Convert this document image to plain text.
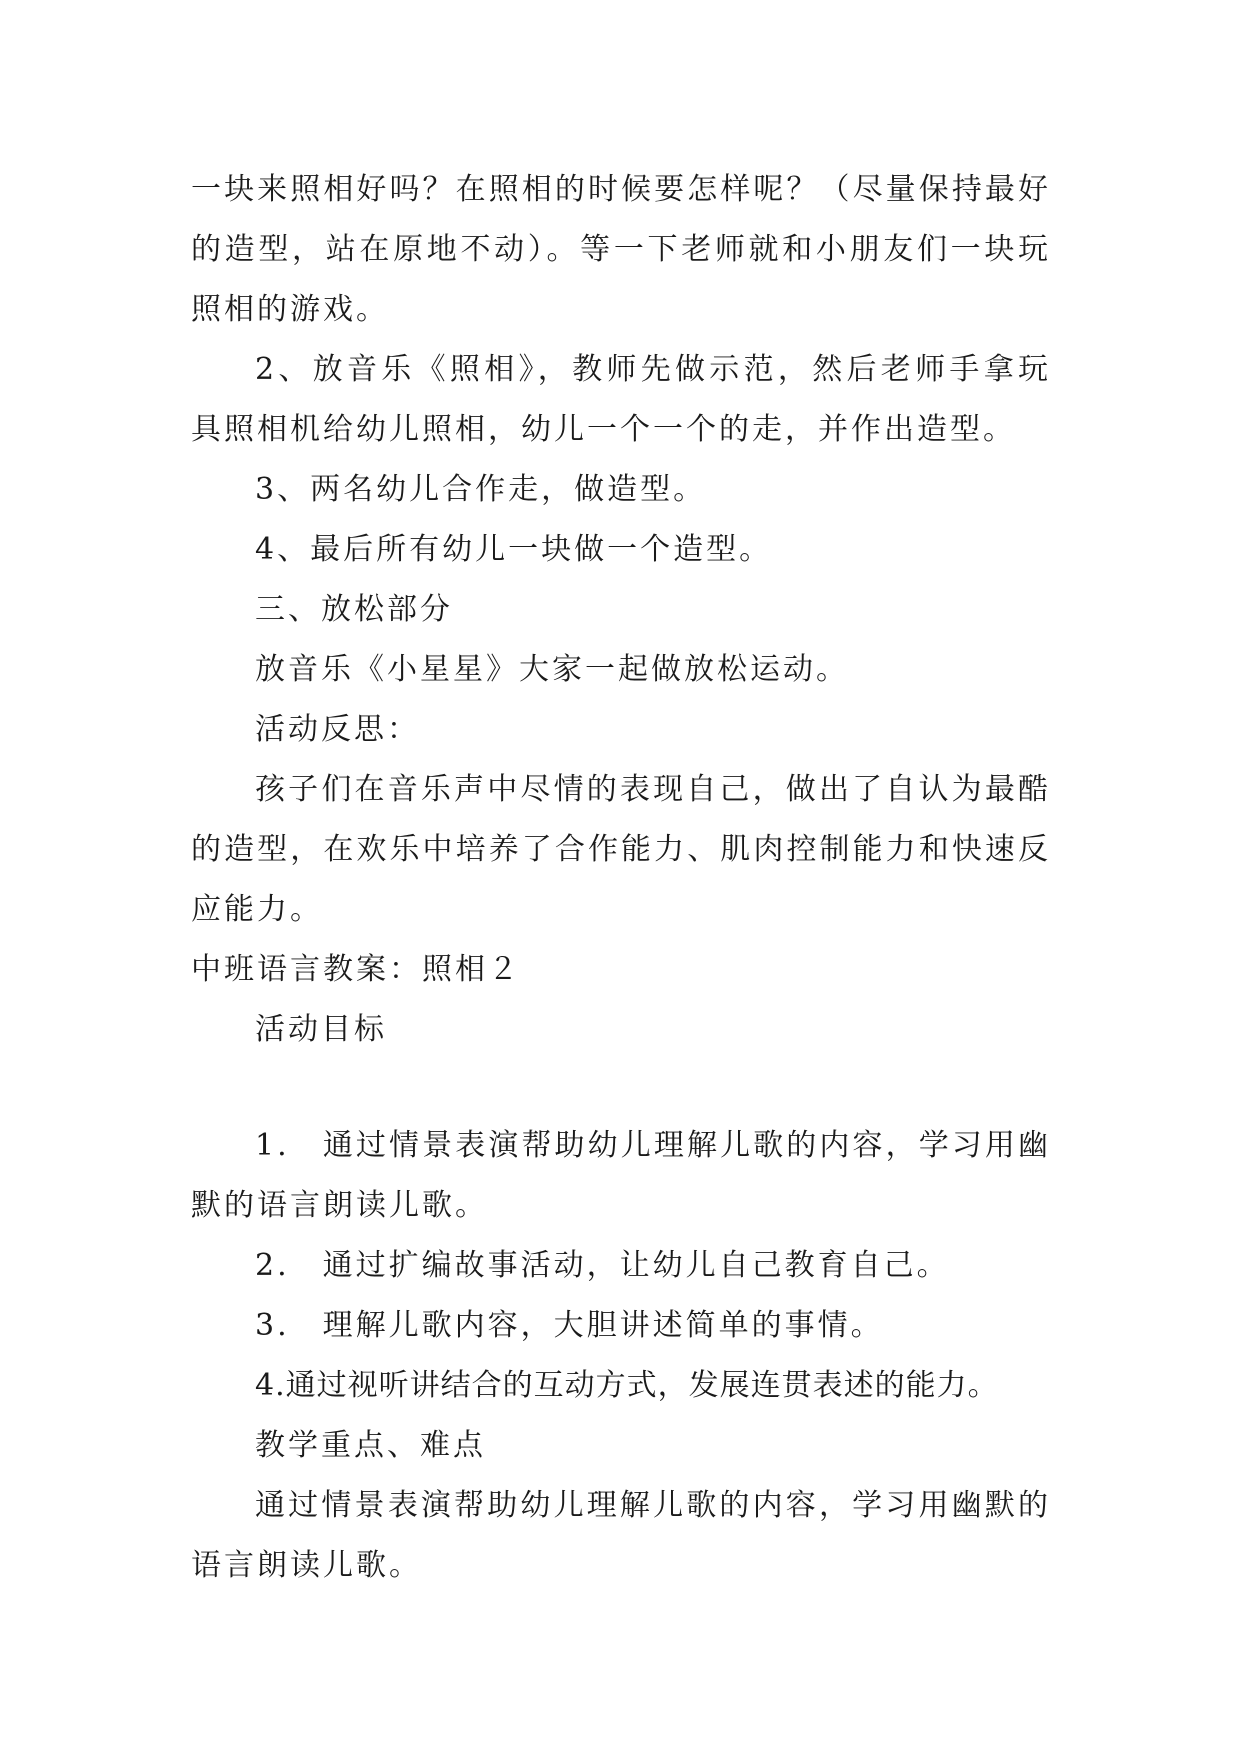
一块来照相好吗？在照相的时候要怎样呢？（尽量保持最好的造型，站在原地不动）。等一下老师就和小朋友们一块玩照相的游戏。

2、放音乐《照相》，教师先做示范，然后老师手拿玩具照相机给幼儿照相，幼儿一个一个的走，并作出造型。

3、两名幼儿合作走，做造型。

4、最后所有幼儿一块做一个造型。

三、放松部分

放音乐《小星星》大家一起做放松运动。

活动反思：

孩子们在音乐声中尽情的表现自己，做出了自认为最酷的造型，在欢乐中培养了合作能力、肌肉控制能力和快速反应能力。

中班语言教案：照相２

活动目标

1.　通过情景表演帮助幼儿理解儿歌的内容，学习用幽默的语言朗读儿歌。

2.　通过扩编故事活动，让幼儿自己教育自己。

3.　理解儿歌内容，大胆讲述简单的事情。

4.通过视听讲结合的互动方式，发展连贯表述的能力。

教学重点、难点

通过情景表演帮助幼儿理解儿歌的内容，学习用幽默的语言朗读儿歌。
